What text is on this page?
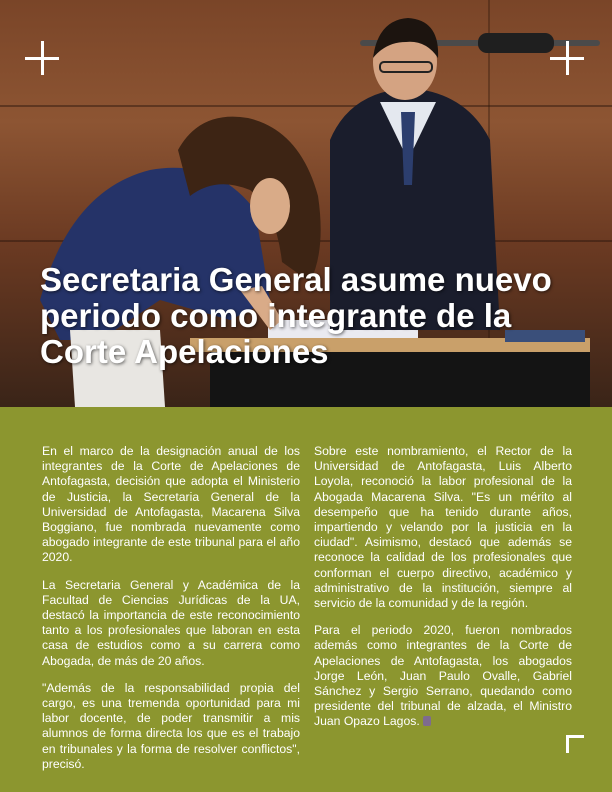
Secretaria General asume nuevo periodo como integrante de la Corte Apelaciones

En el marco de la designación anual de los integrantes de la Corte de Apelaciones de Antofagasta, decisión que adopta el Ministerio de Justicia, la Secretaria General de la Universidad de Antofagasta, Macarena Silva Boggiano, fue nombrada nuevamente como abogado integrante de este tribunal para el año 2020.

La Secretaria General y Académica de la Facultad de Ciencias Jurídicas de la UA, destacó la importancia de este reconocimiento tanto a los profesionales que laboran en esta casa de estudios como a su carrera como Abogada, de más de 20 años.

"Además de la responsabilidad propia del cargo, es una tremenda oportunidad para mi labor docente, de poder transmitir a mis alumnos de forma directa los que es el trabajo en tribunales y la forma de resolver conflictos", precisó.

Sobre este nombramiento, el Rector de la Universidad de Antofagasta, Luis Alberto Loyola, reconoció la labor profesional de la Abogada Macarena Silva. "Es un mérito al desempeño que ha tenido durante años, impartiendo y velando por la justicia en la ciudad". Asimismo, destacó que además se reconoce la calidad de los profesionales que conforman el cuerpo directivo, académico y administrativo de la institución, siempre al servicio de la comunidad y de la región.

Para el periodo 2020, fueron nombrados además como integrantes de la Corte de Apelaciones de Antofagasta, los abogados Jorge León, Juan Paulo Ovalle, Gabriel Sánchez y Sergio Serrano, quedando como presidente del tribunal de alzada, el Ministro Juan Opazo Lagos.
